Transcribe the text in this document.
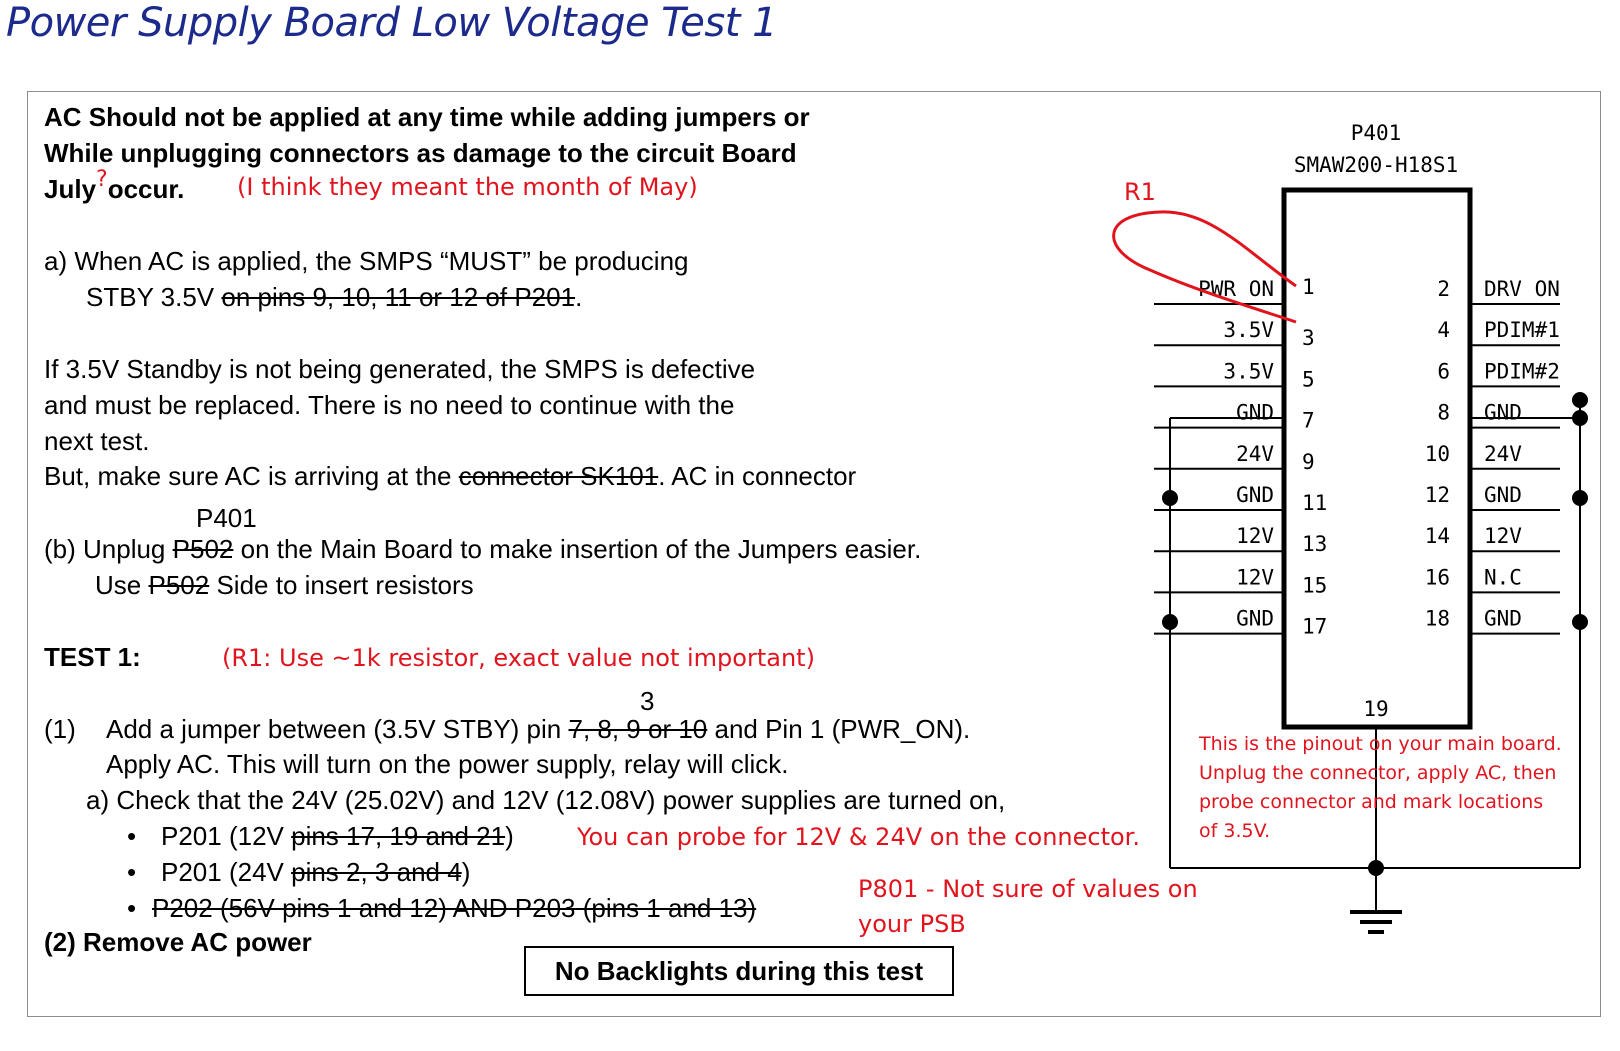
Power Supply Board Low Voltage Test 1
AC Should not be applied at any time while adding jumpers or
While unplugging connectors as damage to the circuit Board
July?occur. (I think they meant the month of May)
a) When AC is applied, the SMPS “MUST” be producing
STBY 3.5V on pins 9, 10, 11 or 12 of P201.
If 3.5V Standby is not being generated, the SMPS is defective
and must be replaced. There is no need to continue with the
next test.
But, make sure AC is arriving at the connector SK101. AC in connector
P401
(b) Unplug P502 on the Main Board to make insertion of the Jumpers easier.
Use P502 Side to insert resistors
TEST 1:	(R1: Use ~1k resistor, exact value not important)
3
(1) Add a jumper between (3.5V STBY) pin 7, 8, 9 or 10 and Pin 1 (PWR_ON).
Apply AC. This will turn on the power supply, relay will click.
a) Check that the 24V (25.02V) and 12V (12.08V) power supplies are turned on,
• P201 (12V pins 17, 19 and 21)	You can probe for 12V & 24V on the connector.
• P201 (24V pins 2, 3 and 4)
• P202 (56V pins 1 and 12) AND P203 (pins 1 and 13)
P801 - Not sure of values on
your PSB
(2) Remove AC power
No Backlights during this test
P401
SMAW200-H18S1
R1
PWR ON 1	2 DRV ON
3.5V 3	4 PDIM#1
3.5V 5	6 PDIM#2
GND 7	8 GND
24V 9	10 24V
GND 11	12 GND
12V 13	14 12V
12V 15	16 N.C
GND 17	18 GND
19
This is the pinout on your main board.
Unplug the connector, apply AC, then
probe connector and mark locations
of 3.5V.
